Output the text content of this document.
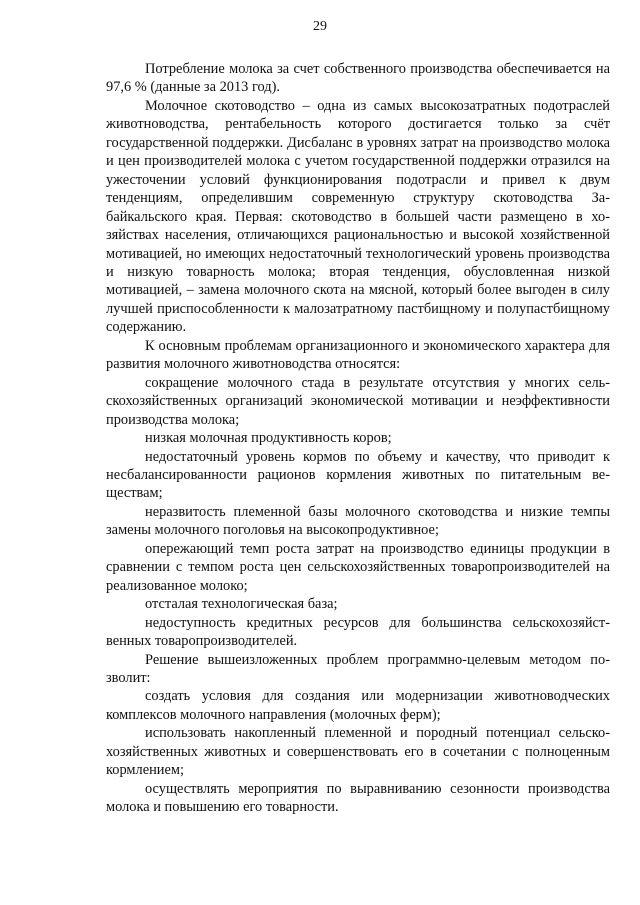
29

Потребление молока за счет собственного производства обеспечивается на 97,6 % (данные за 2013 год).

Молочное скотоводство – одна из самых высокозатратных подотраслей животноводства, рентабельность которого достигается только за счёт государственной поддержки. Дисбаланс в уровнях затрат на производство молока и цен производителей молока с учетом государственной поддержки отразился на ужесточении условий функционирования подотрасли и привел к двум тенденциям, определившим современную структуру скотоводства Забайкальского края. Первая: скотоводство в большей части размещено в хозяйствах населения, отличающихся рациональностью и высокой хозяйственной мотивацией, но имеющих недостаточный технологический уровень производства и низкую товарность молока; вторая тенденция, обусловленная низкой мотивацией, – замена молочного скота на мясной, который более выгоден в силу лучшей приспособленности к малозатратному пастбищному и полупастбищному содержанию.

К основным проблемам организационного и экономического характера для развития молочного животноводства относятся:

сокращение молочного стада в результате отсутствия у многих сельскохозяйственных организаций экономической мотивации и неэффективности производства молока;

низкая молочная продуктивность коров;

недостаточный уровень кормов по объему и качеству, что приводит к несбалансированности рационов кормления животных по питательным веществам;

неразвитость племенной базы молочного скотоводства и низкие темпы замены молочного поголовья на высокопродуктивное;

опережающий темп роста затрат на производство единицы продукции в сравнении с темпом роста цен сельскохозяйственных товаропроизводителей на реализованное молоко;

отсталая технологическая база;

недоступность кредитных ресурсов для большинства сельскохозяйственных товаропроизводителей.

Решение вышеизложенных проблем программно-целевым методом позволит:

создать условия для создания или модернизации животноводческих комплексов молочного направления (молочных ферм);

использовать накопленный племенной и породный потенциал сельскохозяйственных животных и совершенствовать его в сочетании с полноценным кормлением;

осуществлять мероприятия по выравниванию сезонности производства молока и повышению его товарности.
